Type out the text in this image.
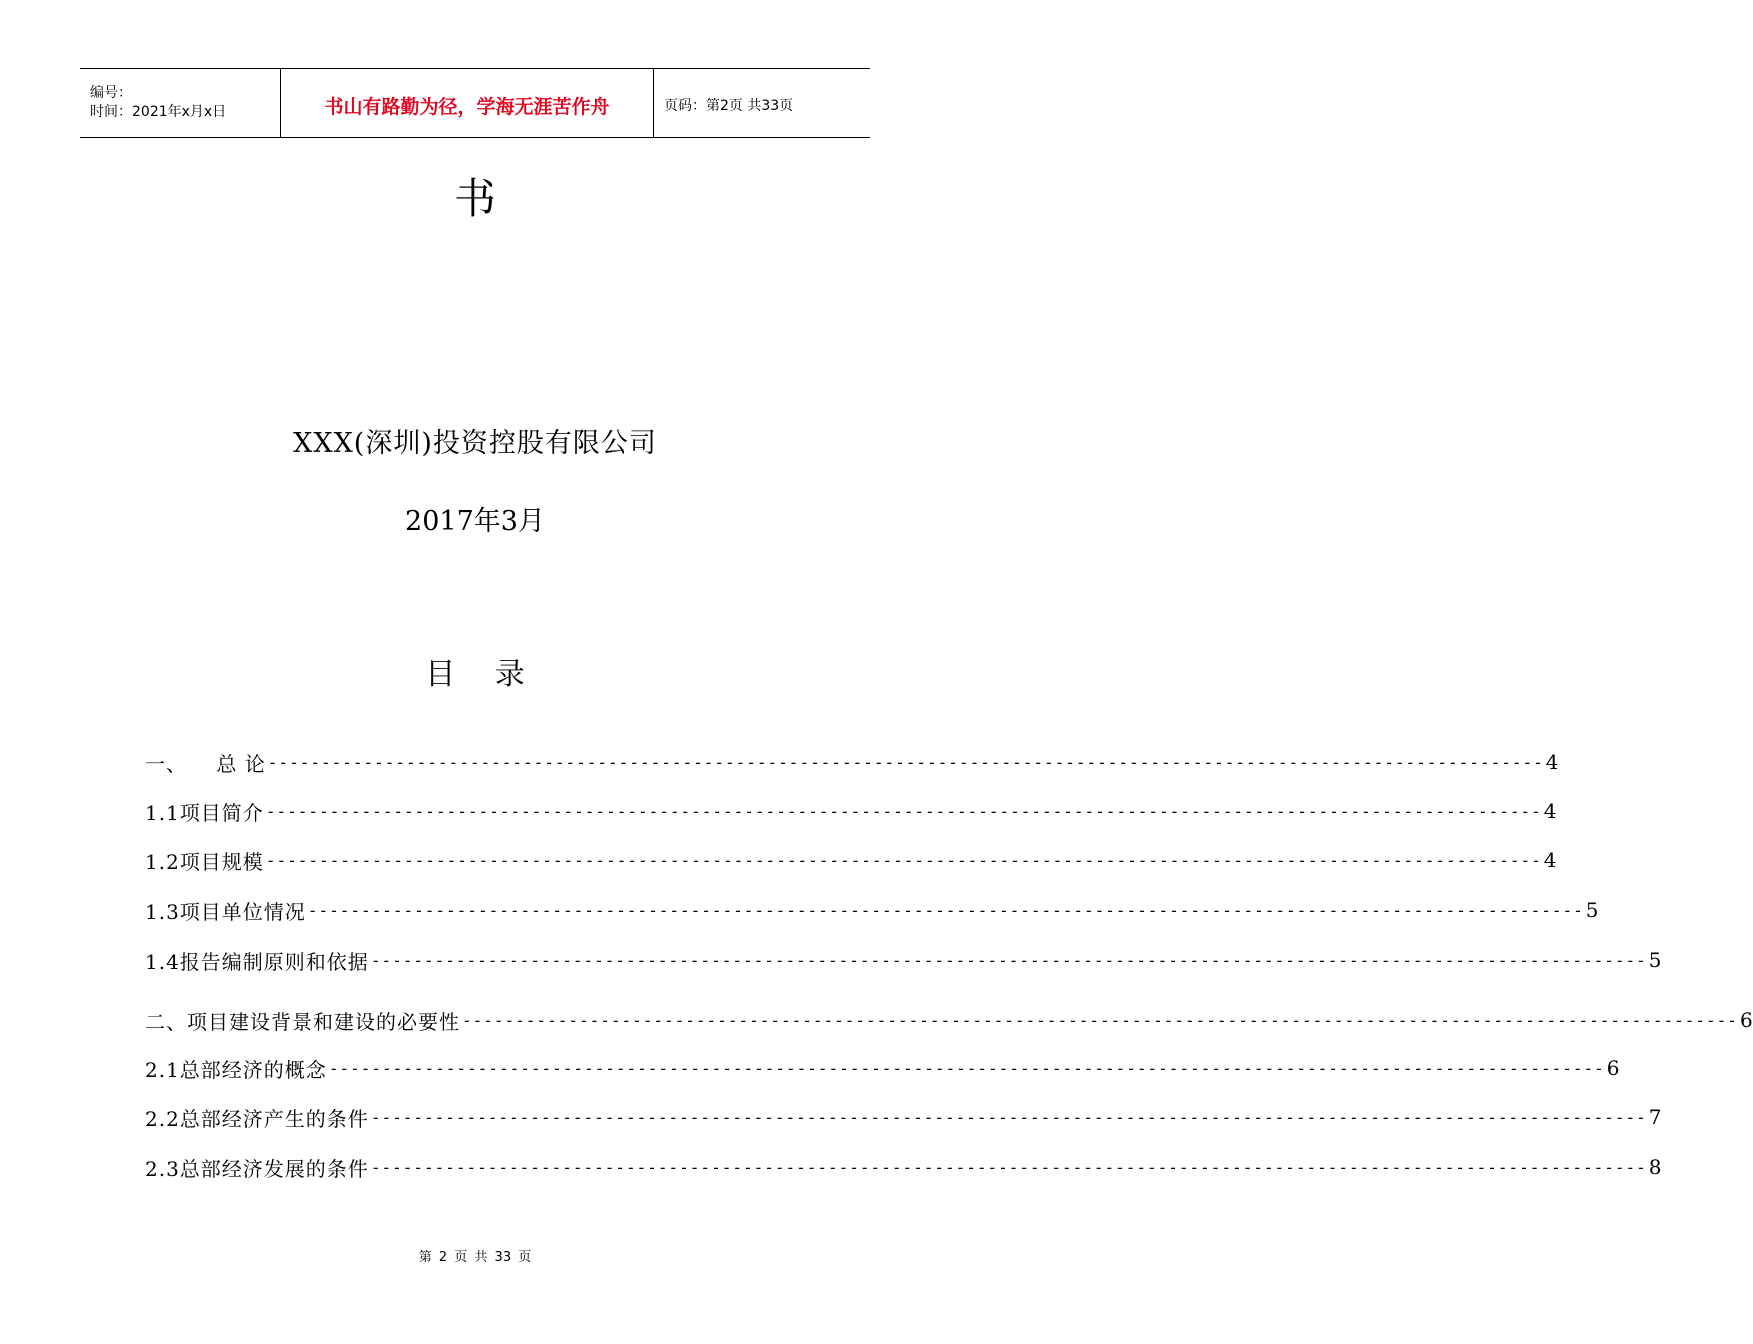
编号：
时间：2021年x月x日	书山有路勤为径，学海无涯苦作舟	页码：第2页 共33页
书
XXX(深圳)投资控股有限公司
2017年3月
目 录
一、    总 论 ------------------------------------------------------------------------------------------------------------------------ 4
1.1项目简介 ------------------------------------------------------------------------------------------------------------------------ 4
1.2项目规模 ------------------------------------------------------------------------------------------------------------------------ 4
1.3项目单位情况 ------------------------------------------------------------------------------------------------------------------------ 5
1.4报告编制原则和依据 ------------------------------------------------------------------------------------------------------------------------ 5
二、项目建设背景和建设的必要性 ------------------------------------------------------------------------------------------------------------------------ 6
2.1总部经济的概念 ------------------------------------------------------------------------------------------------------------------------ 6
2.2总部经济产生的条件 ------------------------------------------------------------------------------------------------------------------------ 7
2.3总部经济发展的条件 ------------------------------------------------------------------------------------------------------------------------ 8
第 2 页 共 33 页
